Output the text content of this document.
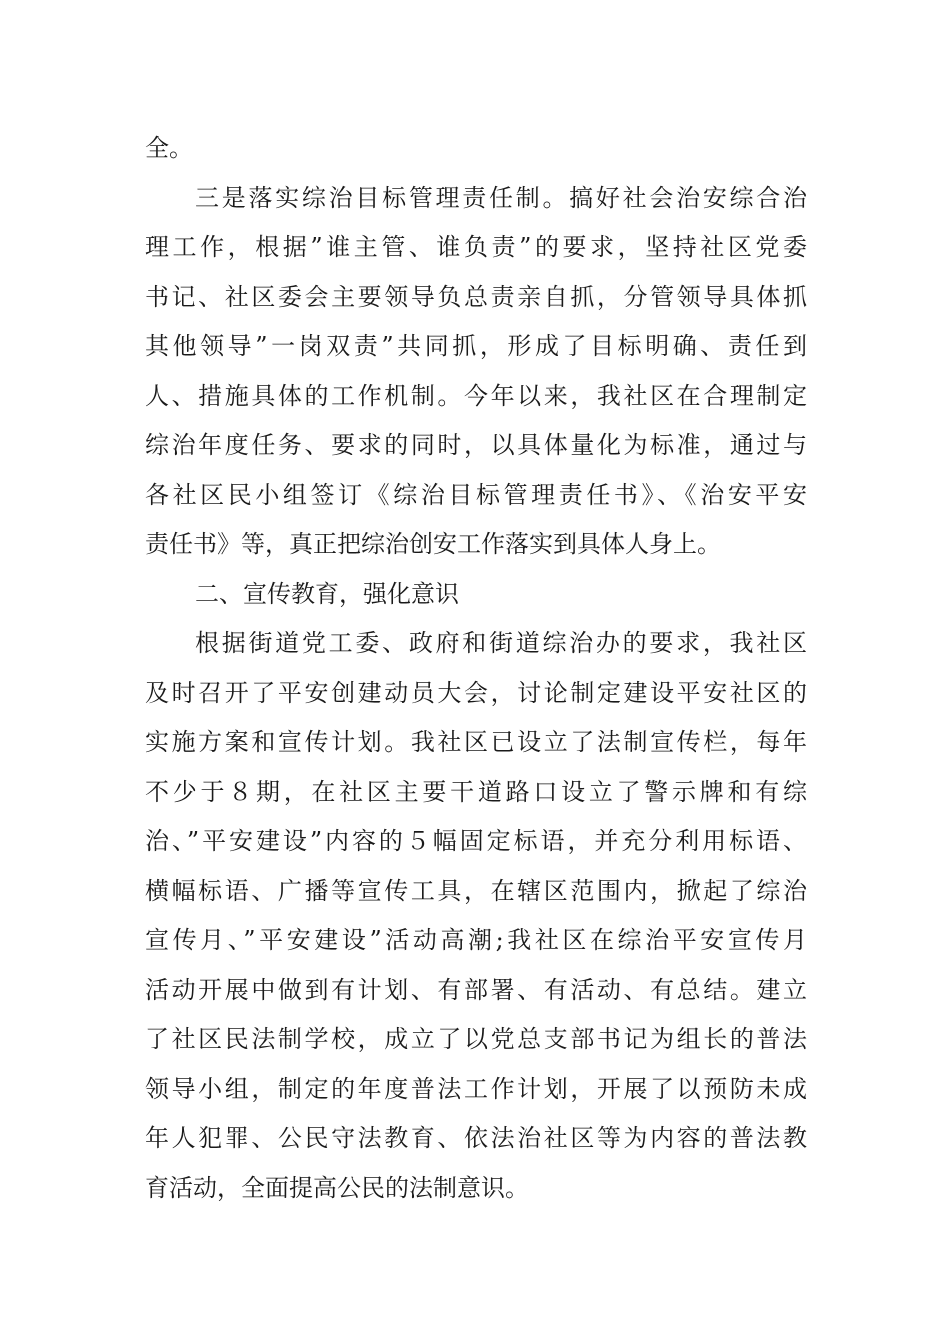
全。
三是落实综治目标管理责任制。搞好社会治安综合治
理工作，根据”谁主管、谁负责”的要求，坚持社区党委
书记、社区委会主要领导负总责亲自抓，分管领导具体抓
其他领导”一岗双责”共同抓，形成了目标明确、责任到
人、措施具体的工作机制。今年以来，我社区在合理制定
综治年度任务、要求的同时，以具体量化为标准，通过与
各社区民小组签订《综治目标管理责任书》、《治安平安
责任书》等，真正把综治创安工作落实到具体人身上。
二、宣传教育，强化意识
根据街道党工委、政府和街道综治办的要求，我社区
及时召开了平安创建动员大会，讨论制定建设平安社区的
实施方案和宣传计划。我社区已设立了法制宣传栏，每年
不少于８期，在社区主要干道路口设立了警示牌和有综
治、”平安建设”内容的５幅固定标语，并充分利用标语、
横幅标语、广播等宣传工具，在辖区范围内，掀起了综治
宣传月、”平安建设”活动高潮;我社区在综治平安宣传月
活动开展中做到有计划、有部署、有活动、有总结。建立
了社区民法制学校，成立了以党总支部书记为组长的普法
领导小组，制定的年度普法工作计划，开展了以预防未成
年人犯罪、公民守法教育、依法治社区等为内容的普法教
育活动，全面提高公民的法制意识。
